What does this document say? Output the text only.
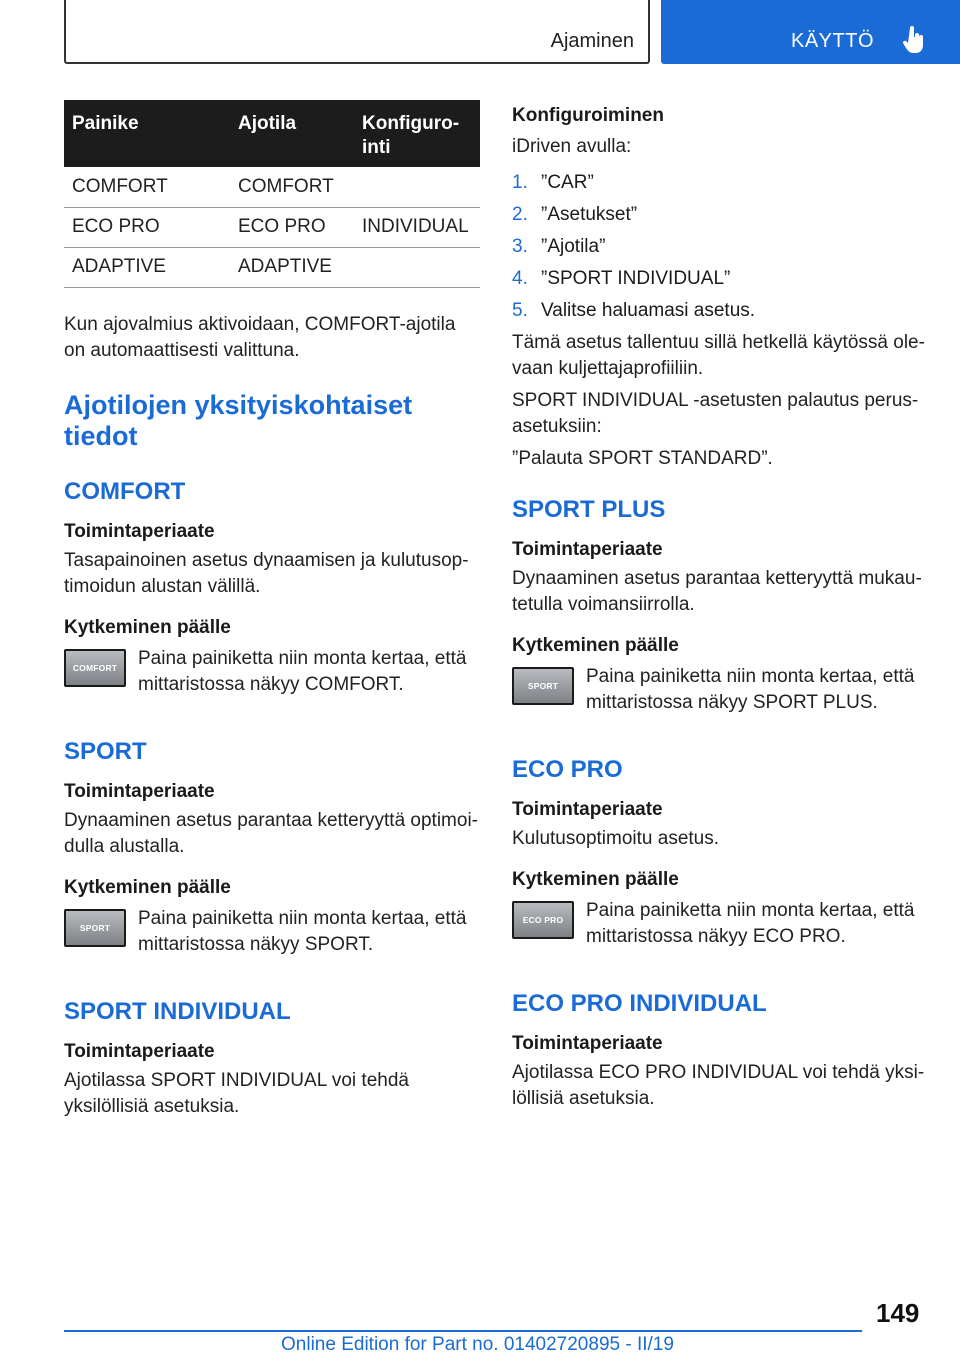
Ajaminen	KÄYTTÖ
Painike	Ajotila	Konfiguro-
inti
COMFORT	COMFORT	
ECO PRO	ECO PRO	INDIVIDUAL
ADAPTIVE	ADAPTIVE	

Kun ajovalmius aktivoidaan, COMFORT-ajotila on automaattisesti valittuna.

Ajotilojen yksityiskohtaiset tiedot
COMFORT
Toimintaperiaate

Tasapainoinen asetus dynaamisen ja kulutusoptimoidun alustan välillä.

Kytkeminen päälle
COMFORT	Paina painiketta niin monta kertaa, että mittaristossa näkyy COMFORT.

SPORT
Toimintaperiaate

Dynaaminen asetus parantaa ketteryyttä optimoidulla alustalla.

Kytkeminen päälle
SPORT	Paina painiketta niin monta kertaa, että mittaristossa näkyy SPORT.

SPORT INDIVIDUAL
Toimintaperiaate

Ajotilassa SPORT INDIVIDUAL voi tehdä yksilöllisiä asetuksia.

Konfiguroiminen

iDriven avulla:

1. ”CAR”
2. ”Asetukset”
3. ”Ajotila”
4. ”SPORT INDIVIDUAL”
5. Valitse haluamasi asetus.

Tämä asetus tallentuu sillä hetkellä käytössä olevaan kuljettajaprofiiliin.

SPORT INDIVIDUAL -asetusten palautus perusasetuksiin:

”Palauta SPORT STANDARD”.

SPORT PLUS
Toimintaperiaate

Dynaaminen asetus parantaa ketteryyttä mukautetulla voimansiirrolla.

Kytkeminen päälle
SPORT	Paina painiketta niin monta kertaa, että mittaristossa näkyy SPORT PLUS.

ECO PRO
Toimintaperiaate

Kulutusoptimoitu asetus.

Kytkeminen päälle
ECO PRO	Paina painiketta niin monta kertaa, että mittaristossa näkyy ECO PRO.

ECO PRO INDIVIDUAL
Toimintaperiaate

Ajotilassa ECO PRO INDIVIDUAL voi tehdä yksilöllisiä asetuksia.

149
Online Edition for Part no. 01402720895 - II/19
